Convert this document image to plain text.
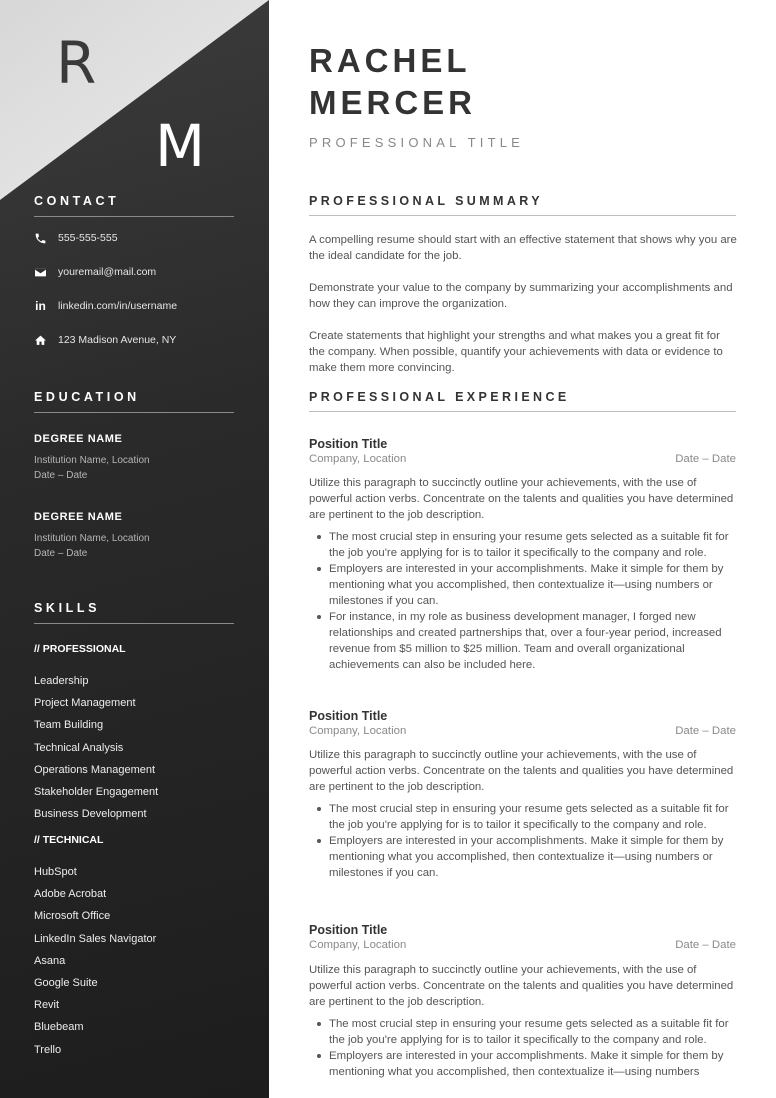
R
M
CONTACT
555-555-555
youremail@mail.com
in linkedin.com/in/username
123 Madison Avenue, NY
EDUCATION
DEGREE NAME
Institution Name, Location
Date – Date
DEGREE NAME
Institution Name, Location
Date – Date
SKILLS
// PROFESSIONAL
Leadership
Project Management
Team Building
Technical Analysis
Operations Management
Stakeholder Engagement
Business Development
// TECHNICAL
HubSpot
Adobe Acrobat
Microsoft Office
LinkedIn Sales Navigator
Asana
Google Suite
Revit
Bluebeam
Trello
RACHEL
MERCER
PROFESSIONAL TITLE
PROFESSIONAL SUMMARY

A compelling resume should start with an effective statement that shows why you are the ideal candidate for the job.

Demonstrate your value to the company by summarizing your accomplishments and how they can improve the organization.

Create statements that highlight your strengths and what makes you a great fit for the company. When possible, quantify your achievements with data or evidence to make them more convincing.

PROFESSIONAL EXPERIENCE
Position Title
Company, Location	Date – Date

Utilize this paragraph to succinctly outline your achievements, with the use of powerful action verbs. Concentrate on the talents and qualities you have determined are pertinent to the job description.

The most crucial step in ensuring your resume gets selected as a suitable fit for the job you're applying for is to tailor it specifically to the company and role.
Employers are interested in your accomplishments. Make it simple for them by mentioning what you accomplished, then contextualize it—using numbers or milestones if you can.
For instance, in my role as business development manager, I forged new relationships and created partnerships that, over a four-year period, increased revenue from $5 million to $25 million. Team and overall organizational achievements can also be included here.
Position Title
Company, Location	Date – Date

Utilize this paragraph to succinctly outline your achievements, with the use of powerful action verbs. Concentrate on the talents and qualities you have determined are pertinent to the job description.

The most crucial step in ensuring your resume gets selected as a suitable fit for the job you're applying for is to tailor it specifically to the company and role.
Employers are interested in your accomplishments. Make it simple for them by mentioning what you accomplished, then contextualize it—using numbers or milestones if you can.
Position Title
Company, Location	Date – Date

Utilize this paragraph to succinctly outline your achievements, with the use of powerful action verbs. Concentrate on the talents and qualities you have determined are pertinent to the job description.

The most crucial step in ensuring your resume gets selected as a suitable fit for the job you're applying for is to tailor it specifically to the company and role.
Employers are interested in your accomplishments. Make it simple for them by mentioning what you accomplished, then contextualize it—using numbers
